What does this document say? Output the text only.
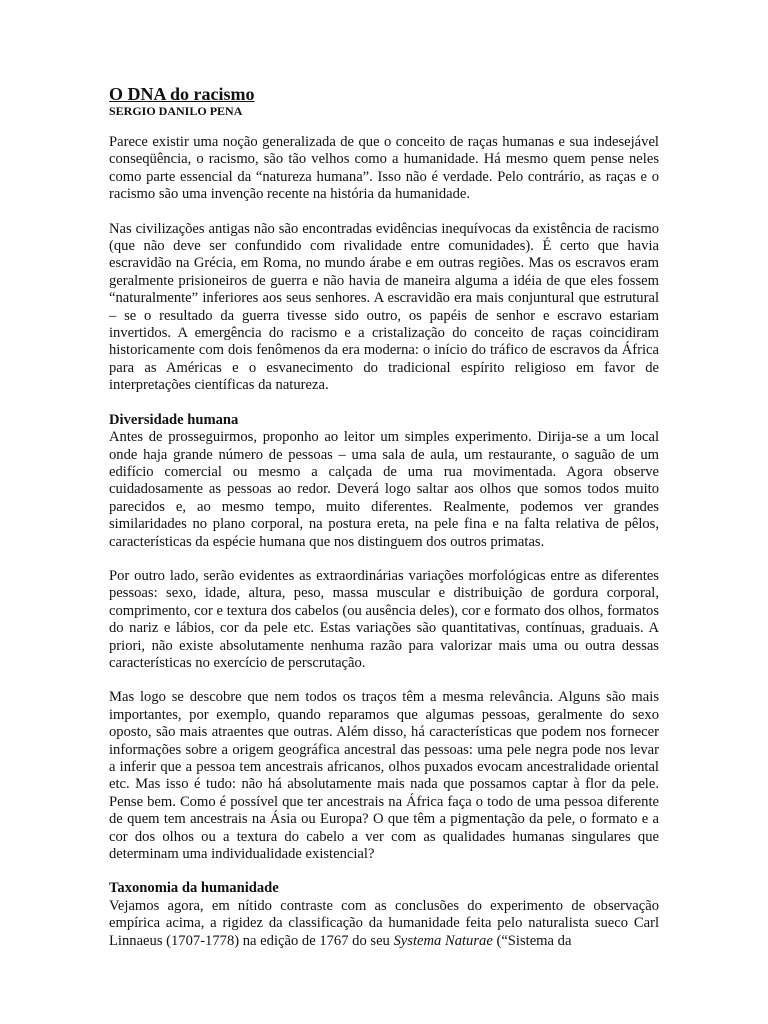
O DNA do racismo
SERGIO DANILO PENA

Parece existir uma noção generalizada de que o conceito de raças humanas e sua indesejável conseqüência, o racismo, são tão velhos como a humanidade. Há mesmo quem pense neles como parte essencial da “natureza humana”. Isso não é verdade. Pelo contrário, as raças e o racismo são uma invenção recente na história da humanidade.

Nas civilizações antigas não são encontradas evidências inequívocas da existência de racismo (que não deve ser confundido com rivalidade entre comunidades). É certo que havia escravidão na Grécia, em Roma, no mundo árabe e em outras regiões. Mas os escravos eram geralmente prisioneiros de guerra e não havia de maneira alguma a idéia de que eles fossem “naturalmente” inferiores aos seus senhores. A escravidão era mais conjuntural que estrutural – se o resultado da guerra tivesse sido outro, os papéis de senhor e escravo estariam invertidos. A emergência do racismo e a cristalização do conceito de raças coincidiram historicamente com dois fenômenos da era moderna: o início do tráfico de escravos da África para as Américas e o esvanecimento do tradicional espírito religioso em favor de interpretações científicas da natureza.

Diversidade humana

Antes de prosseguirmos, proponho ao leitor um simples experimento. Dirija-se a um local onde haja grande número de pessoas – uma sala de aula, um restaurante, o saguão de um edifício comercial ou mesmo a calçada de uma rua movimentada. Agora observe cuidadosamente as pessoas ao redor. Deverá logo saltar aos olhos que somos todos muito parecidos e, ao mesmo tempo, muito diferentes. Realmente, podemos ver grandes similaridades no plano corporal, na postura ereta, na pele fina e na falta relativa de pêlos, características da espécie humana que nos distinguem dos outros primatas.

Por outro lado, serão evidentes as extraordinárias variações morfológicas entre as diferentes pessoas: sexo, idade, altura, peso, massa muscular e distribuição de gordura corporal, comprimento, cor e textura dos cabelos (ou ausência deles), cor e formato dos olhos, formatos do nariz e lábios, cor da pele etc. Estas variações são quantitativas, contínuas, graduais. A priori, não existe absolutamente nenhuma razão para valorizar mais uma ou outra dessas características no exercício de perscrutação.

Mas logo se descobre que nem todos os traços têm a mesma relevância. Alguns são mais importantes, por exemplo, quando reparamos que algumas pessoas, geralmente do sexo oposto, são mais atraentes que outras. Além disso, há características que podem nos fornecer informações sobre a origem geográfica ancestral das pessoas: uma pele negra pode nos levar a inferir que a pessoa tem ancestrais africanos, olhos puxados evocam ancestralidade oriental etc. Mas isso é tudo: não há absolutamente mais nada que possamos captar à flor da pele. Pense bem. Como é possível que ter ancestrais na África faça o todo de uma pessoa diferente de quem tem ancestrais na Ásia ou Europa? O que têm a pigmentação da pele, o formato e a cor dos olhos ou a textura do cabelo a ver com as qualidades humanas singulares que determinam uma individualidade existencial?

Taxonomia da humanidade

Vejamos agora, em nítido contraste com as conclusões do experimento de observação empírica acima, a rigidez da classificação da humanidade feita pelo naturalista sueco Carl Linnaeus (1707-1778) na edição de 1767 do seu Systema Naturae (“Sistema da
